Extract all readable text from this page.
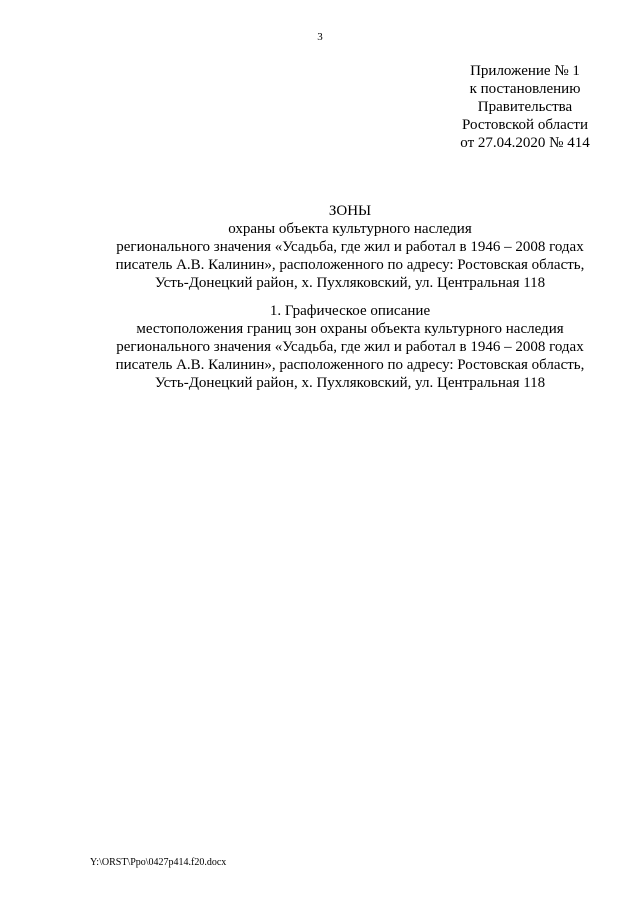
3
Приложение № 1
к постановлению
Правительства
Ростовской области
от 27.04.2020 № 414
ЗОНЫ
охраны объекта культурного наследия
регионального значения «Усадьба, где жил и работал в 1946 – 2008 годах
писатель А.В. Калинин», расположенного по адресу: Ростовская область,
Усть-Донецкий район, х. Пухляковский, ул. Центральная 118
1. Графическое описание
местоположения границ зон охраны объекта культурного наследия
регионального значения «Усадьба, где жил и работал в 1946 – 2008 годах
писатель А.В. Калинин», расположенного по адресу: Ростовская область,
Усть-Донецкий район, х. Пухляковский, ул. Центральная 118
Y:\ORST\Ppo\0427p414.f20.docx
